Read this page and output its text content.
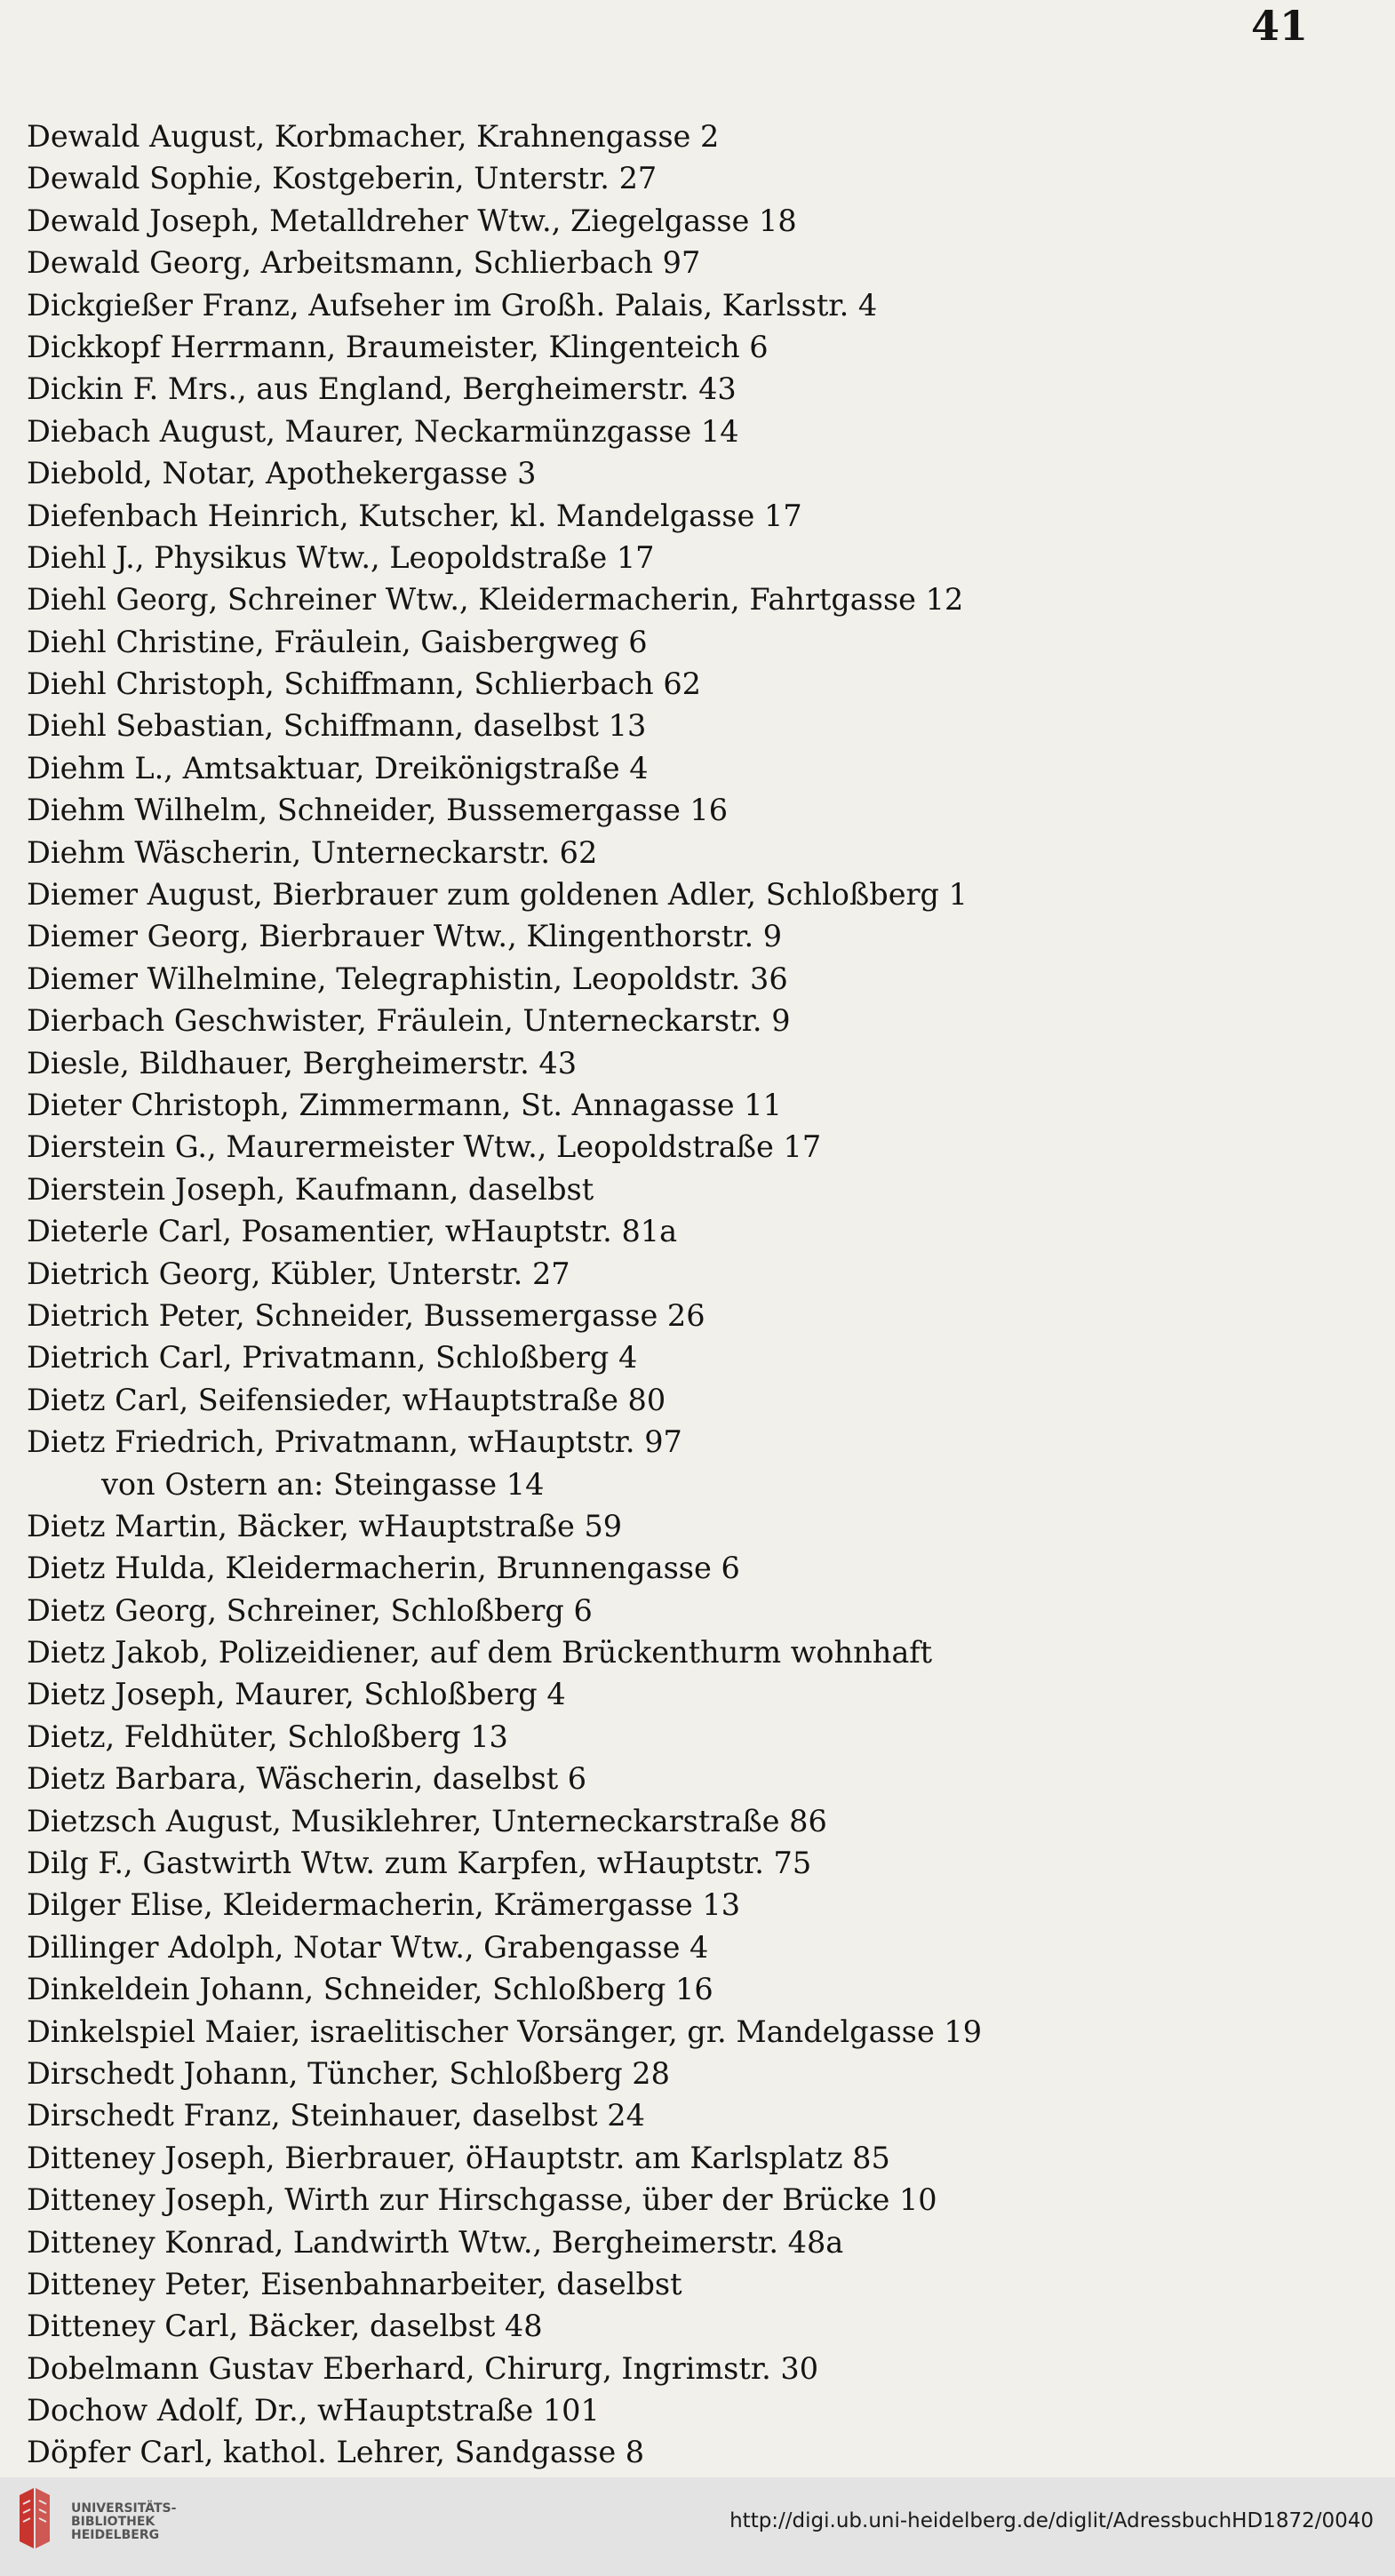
41
Dewald August, Korbmacher, Krahnengasse 2
Dewald Sophie, Kostgeberin, Unterstr. 27
Dewald Joseph, Metalldreher Wtw., Ziegelgasse 18
Dewald Georg, Arbeitsmann, Schlierbach 97
Dickgießer Franz, Aufseher im Großh. Palais, Karlsstr. 4
Dickkopf Herrmann, Braumeister, Klingenteich 6
Dickin F. Mrs., aus England, Bergheimerstr. 43
Diebach August, Maurer, Neckarmünzgasse 14
Diebold, Notar, Apothekergasse 3
Diefenbach Heinrich, Kutscher, kl. Mandelgasse 17
Diehl J., Physikus Wtw., Leopoldstraße 17
Diehl Georg, Schreiner Wtw., Kleidermacherin, Fahrtgasse 12
Diehl Christine, Fräulein, Gaisbergweg 6
Diehl Christoph, Schiffmann, Schlierbach 62
Diehl Sebastian, Schiffmann, daselbst 13
Diehm L., Amtsaktuar, Dreikönigstraße 4
Diehm Wilhelm, Schneider, Bussemergasse 16
Diehm Wäscherin, Unterneckarstr. 62
Diemer August, Bierbrauer zum goldenen Adler, Schloßberg 1
Diemer Georg, Bierbrauer Wtw., Klingenthorstr. 9
Diemer Wilhelmine, Telegraphistin, Leopoldstr. 36
Dierbach Geschwister, Fräulein, Unterneckarstr. 9
Diesle, Bildhauer, Bergheimerstr. 43
Dieter Christoph, Zimmermann, St. Annagasse 11
Dierstein G., Maurermeister Wtw., Leopoldstraße 17
Dierstein Joseph, Kaufmann, daselbst
Dieterle Carl, Posamentier, wHauptstr. 81a
Dietrich Georg, Kübler, Unterstr. 27
Dietrich Peter, Schneider, Bussemergasse 26
Dietrich Carl, Privatmann, Schloßberg 4
Dietz Carl, Seifensieder, wHauptstraße 80
Dietz Friedrich, Privatmann, wHauptstr. 97
von Ostern an: Steingasse 14
Dietz Martin, Bäcker, wHauptstraße 59
Dietz Hulda, Kleidermacherin, Brunnengasse 6
Dietz Georg, Schreiner, Schloßberg 6
Dietz Jakob, Polizeidiener, auf dem Brückenthurm wohnhaft
Dietz Joseph, Maurer, Schloßberg 4
Dietz, Feldhüter, Schloßberg 13
Dietz Barbara, Wäscherin, daselbst 6
Dietzsch August, Musiklehrer, Unterneckarstraße 86
Dilg F., Gastwirth Wtw. zum Karpfen, wHauptstr. 75
Dilger Elise, Kleidermacherin, Krämergasse 13
Dillinger Adolph, Notar Wtw., Grabengasse 4
Dinkeldein Johann, Schneider, Schloßberg 16
Dinkelspiel Maier, israelitischer Vorsänger, gr. Mandelgasse 19
Dirschedt Johann, Tüncher, Schloßberg 28
Dirschedt Franz, Steinhauer, daselbst 24
Ditteney Joseph, Bierbrauer, öHauptstr. am Karlsplatz 85
Ditteney Joseph, Wirth zur Hirschgasse, über der Brücke 10
Ditteney Konrad, Landwirth Wtw., Bergheimerstr. 48a
Ditteney Peter, Eisenbahnarbeiter, daselbst
Ditteney Carl, Bäcker, daselbst 48
Dobelmann Gustav Eberhard, Chirurg, Ingrimstr. 30
Dochow Adolf, Dr., wHauptstraße 101
Döpfer Carl, kathol. Lehrer, Sandgasse 8
UNIVERSITÄTS-
BIBLIOTHEK
HEIDELBERG
http://digi.ub.uni-heidelberg.de/diglit/AdressbuchHD1872/0040
